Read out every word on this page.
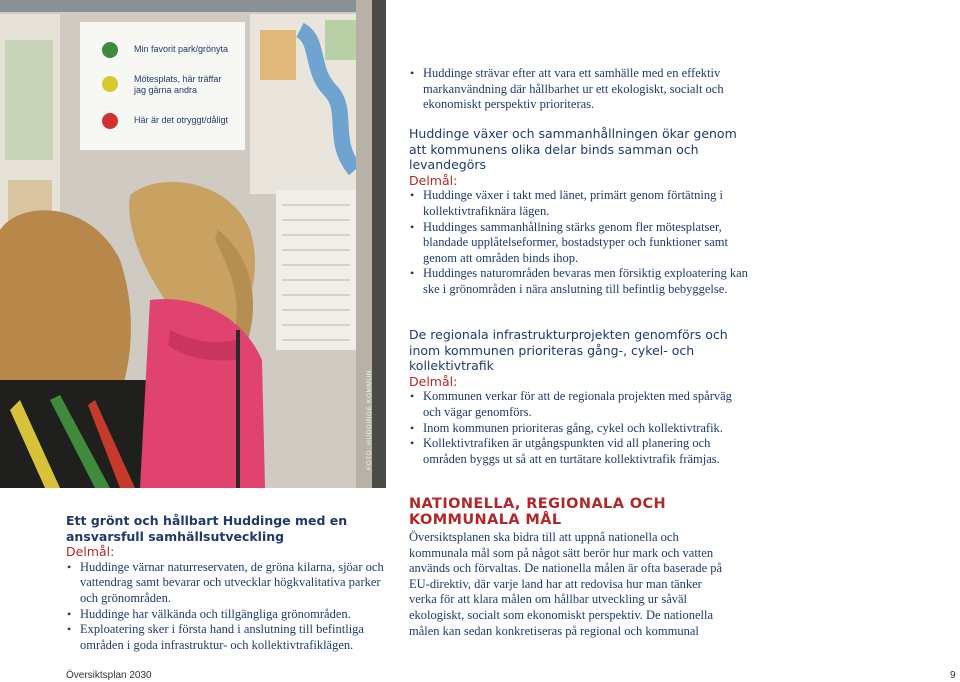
Min favorit park/grönyta
Mötesplats, här träffar jag gärna andra
Här är det otryggt/dåligt
FOTO: HUDDINGE KOMMUN
• Huddinge strävar efter att vara ett samhälle med en effektiv markanvändning där hållbarhet ur ett ekologiskt, socialt och ekonomiskt perspektiv prioriteras.

Huddinge växer och sammanhållningen ökar genom att kommunens olika delar binds samman och levandegörs

Delmål:

• Huddinge växer i takt med länet, primärt genom förtätning i kollektivtrafiknära lägen.
• Huddinges sammanhållning stärks genom fler mötesplatser, blandade upplåtelseformer, bostadstyper och funktioner samt genom att områden binds ihop.
• Huddinges naturområden bevaras men försiktig exploatering kan ske i grönområden i nära anslutning till befintlig bebyggelse.

De regionala infrastrukturprojekten genomförs och inom kommunen prioriteras gång-, cykel- och kollektivtrafik

Delmål:

• Kommunen verkar för att de regionala projekten med spårväg och vägar genomförs.
• Inom kommunen prioriteras gång, cykel och kollektivtrafik.
• Kollektivtrafiken är utgångspunkten vid all planering och områden byggs ut så att en turtätare kollektivtrafik främjas.

Ett grönt och hållbart Huddinge med en ansvarsfull samhällsutveckling

Delmål:

• Huddinge värnar naturreservaten, de gröna kilarna, sjöar och vattendrag samt bevarar och utvecklar högkvalitativa parker och grönområden.
• Huddinge har välkända och tillgängliga grönområden.
• Exploatering sker i första hand i anslutning till befintliga områden i goda infrastruktur- och kollektivtrafiklägen.

NATIONELLA, REGIONALA OCH KOMMUNALA MÅL

Översiktsplanen ska bidra till att uppnå nationella och kommunala mål som på något sätt berör hur mark och vatten används och förvaltas. De nationella målen är ofta baserade på EU-direktiv, där varje land har att redovisa hur man tänker verka för att klara målen om hållbar utveckling ur såväl ekologiskt, socialt som ekonomiskt perspektiv. De nationella målen kan sedan konkretiseras på regional och kommunal

Översiktsplan 2030	9
